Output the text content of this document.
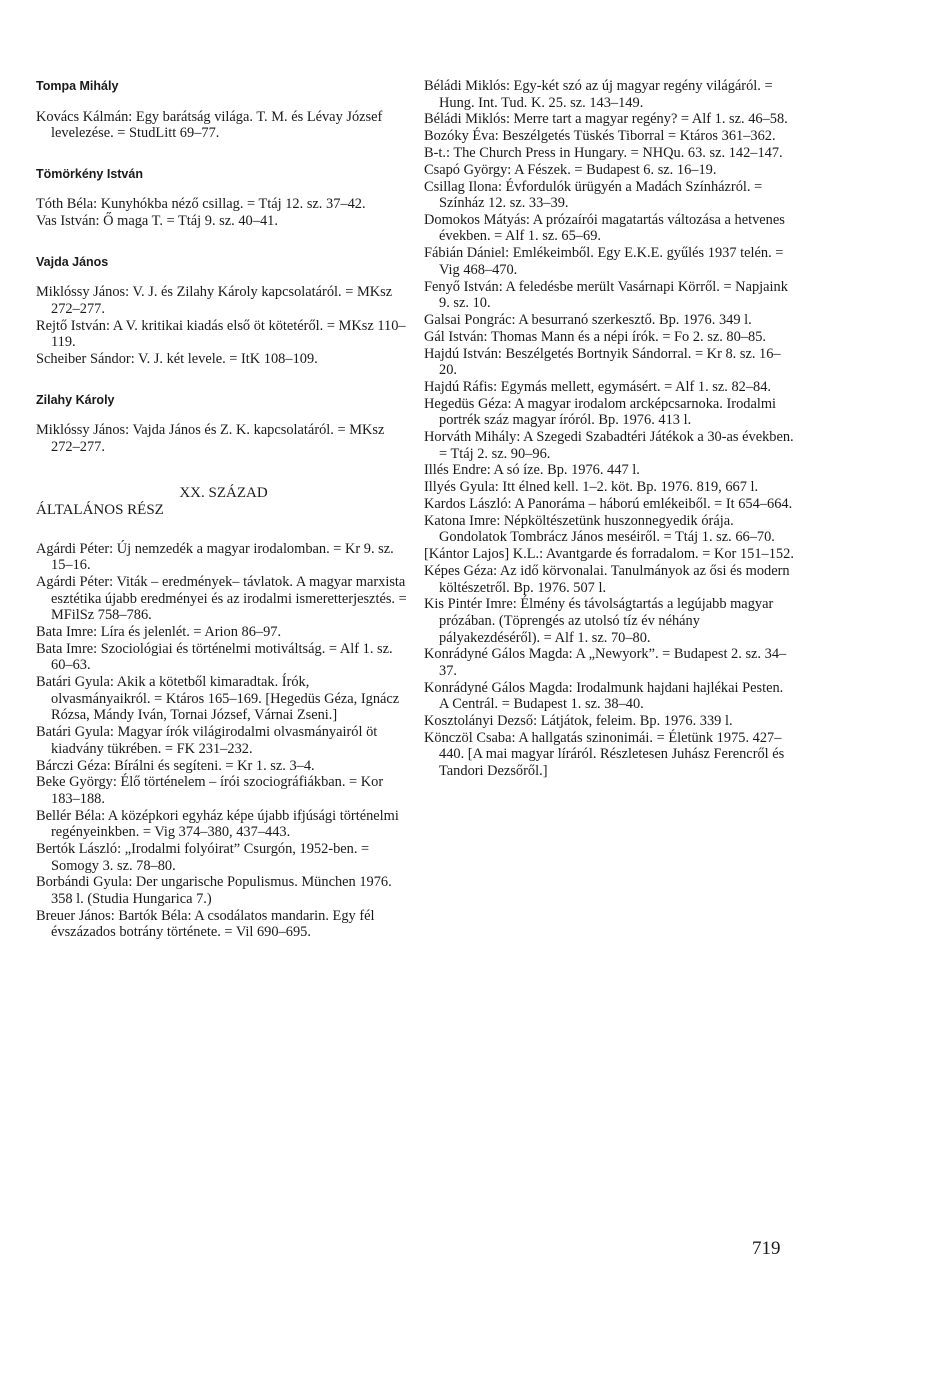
Tompa Mihály

Kovács Kálmán: Egy barátság világa. T. M. és Lévay József levelezése. = StudLitt 69–77.

Tömörkény István

Tóth Béla: Kunyhókba néző csillag. = Ttáj 12. sz. 37–42.

Vas István: Ő maga T. = Ttáj 9. sz. 40–41.

Vajda János

Miklóssy János: V. J. és Zilahy Károly kapcsolatáról. = MKsz 272–277.

Rejtő István: A V. kritikai kiadás első öt kötetéről. = MKsz 110–119.

Scheiber Sándor: V. J. két levele. = ItK 108–109.

Zilahy Károly

Miklóssy János: Vajda János és Z. K. kapcsolatáról. = MKsz 272–277.

XX. SZÁZAD
ÁLTALÁNOS RÉSZ

Agárdi Péter: Új nemzedék a magyar irodalomban. = Kr 9. sz. 15–16.

Agárdi Péter: Viták – eredmények– távlatok. A magyar marxista esztétika újabb eredményei és az irodalmi ismeretterjesztés. = MFilSz 758–786.

Bata Imre: Líra és jelenlét. = Arion 86–97.

Bata Imre: Szociológiai és történelmi motiváltság. = Alf 1. sz. 60–63.

Batári Gyula: Akik a kötetből kimaradtak. Írók, olvasmányaikról. = Ktáros 165–169. [Hegedüs Géza, Ignácz Rózsa, Mándy Iván, Tornai József, Várnai Zseni.]

Batári Gyula: Magyar írók világirodalmi olvasmányairól öt kiadvány tükrében. = FK 231–232.

Bárczi Géza: Bírálni és segíteni. = Kr 1. sz. 3–4.

Beke György: Élő történelem – írói szociográfiákban. = Kor 183–188.

Bellér Béla: A középkori egyház képe újabb ifjúsági történelmi regényeinkben. = Vig 374–380, 437–443.

Bertók László: „Irodalmi folyóirat” Csurgón, 1952-ben. = Somogy 3. sz. 78–80.

Borbándi Gyula: Der ungarische Populismus. München 1976. 358 l. (Studia Hungarica 7.)

Breuer János: Bartók Béla: A csodálatos mandarin. Egy fél évszázados botrány története. = Vil 690–695.

Béládi Miklós: Egy-két szó az új magyar regény világáról. = Hung. Int. Tud. K. 25. sz. 143–149.

Béládi Miklós: Merre tart a magyar regény? = Alf 1. sz. 46–58.

Bozóky Éva: Beszélgetés Tüskés Tiborral = Ktáros 361–362.

B-t.: The Church Press in Hungary. = NHQu. 63. sz. 142–147.

Csapó György: A Fészek. = Budapest 6. sz. 16–19.

Csillag Ilona: Évfordulók ürügyén a Madách Színházról. = Színház 12. sz. 33–39.

Domokos Mátyás: A prózaírói magatartás változása a hetvenes években. = Alf 1. sz. 65–69.

Fábián Dániel: Emlékeimből. Egy E.K.E. gyűlés 1937 telén. = Vig 468–470.

Fenyő István: A feledésbe merült Vasárnapi Körről. = Napjaink 9. sz. 10.

Galsai Pongrác: A besurranó szerkesztő. Bp. 1976. 349 l.

Gál István: Thomas Mann és a népi írók. = Fo 2. sz. 80–85.

Hajdú István: Beszélgetés Bortnyik Sándorral. = Kr 8. sz. 16–20.

Hajdú Ráfis: Egymás mellett, egymásért. = Alf 1. sz. 82–84.

Hegedüs Géza: A magyar irodalom arcképcsarnoka. Irodalmi portrék száz magyar íróról. Bp. 1976. 413 l.

Horváth Mihály: A Szegedi Szabadtéri Játékok a 30-as években. = Ttáj 2. sz. 90–96.

Illés Endre: A só íze. Bp. 1976. 447 l.

Illyés Gyula: Itt élned kell. 1–2. köt. Bp. 1976. 819, 667 l.

Kardos László: A Panoráma – háború emlékeiből. = It 654–664.

Katona Imre: Népköltészetünk huszonnegyedik órája. Gondolatok Tombrácz János meséiről. = Ttáj 1. sz. 66–70.

[Kántor Lajos] K.L.: Avantgarde és forradalom. = Kor 151–152.

Képes Géza: Az idő körvonalai. Tanulmányok az ősi és modern költészetről. Bp. 1976. 507 l.

Kis Pintér Imre: Élmény és távolságtartás a legújabb magyar prózában. (Töprengés az utolsó tíz év néhány pályakezdéséről). = Alf 1. sz. 70–80.

Konrádyné Gálos Magda: A „Newyork”. = Budapest 2. sz. 34–37.

Konrádyné Gálos Magda: Irodalmunk hajdani hajlékai Pesten. A Centrál. = Budapest 1. sz. 38–40.

Kosztolányi Dezső: Látjátok, feleim. Bp. 1976. 339 l.

Könczöl Csaba: A hallgatás szinonimái. = Életünk 1975. 427–440. [A mai magyar líráról. Részletesen Juhász Ferencről és Tandori Dezsőről.]

719
